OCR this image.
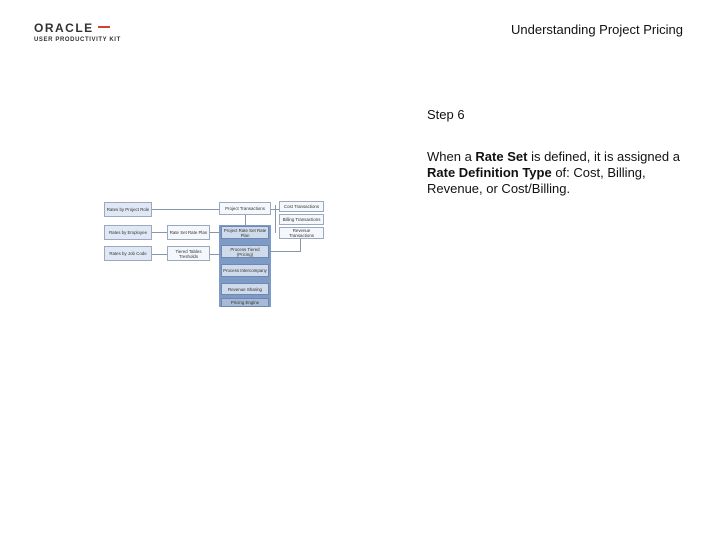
ORACLE
USER PRODUCTIVITY KIT
Understanding Project Pricing
Step 6
When a Rate Set is defined, it is assigned a Rate Definition Type of: Cost, Billing, Revenue, or Cost/Billing.
Rates by Project Role
Rates by Employee
Rates by Job Code
Rate Set Rate Plan
Tiered Tables Tresholds
Project Transactions
Project Rate Set Rate Plan
Process Tiered (Pricing)
Process Intercompany
Revenue Sharing
Pricing Engine
Cost Transactions
Billing Transactions
Revenue Transactions
